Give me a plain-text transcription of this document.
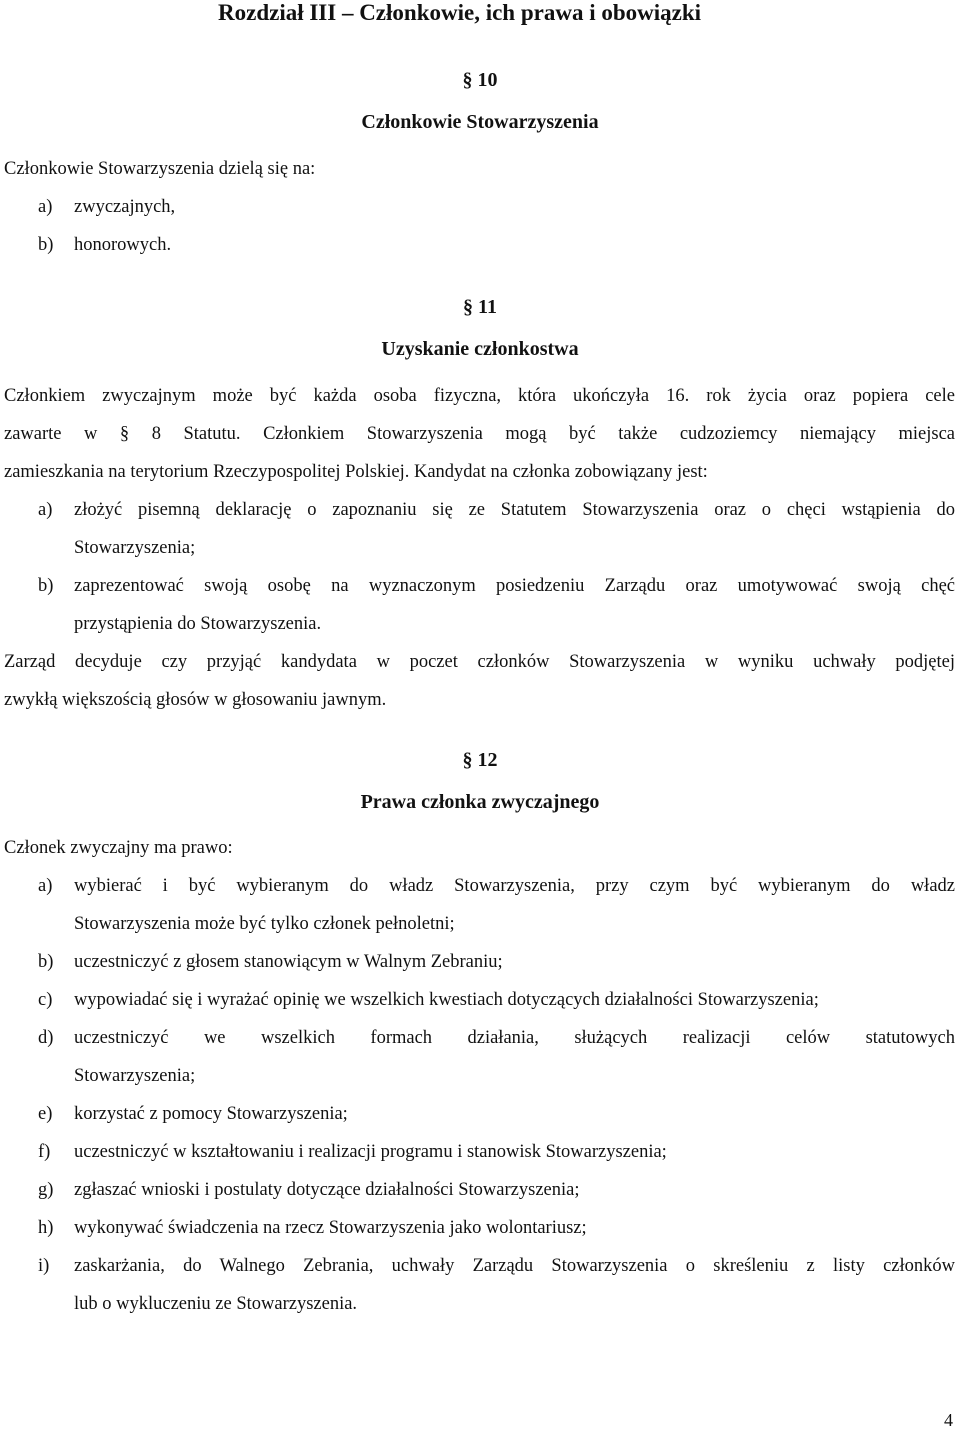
Rozdział III – Członkowie, ich prawa i obowiązki
§ 10
Członkowie Stowarzyszenia
Członkowie Stowarzyszenia dzielą się na:
a) zwyczajnych,
b) honorowych.
§ 11
Uzyskanie członkostwa
Członkiem zwyczajnym może być każda osoba fizyczna, która ukończyła 16. rok życia oraz popiera cele
zawarte w § 8 Statutu. Członkiem Stowarzyszenia mogą być także cudzoziemcy niemający miejsca
zamieszkania na terytorium Rzeczypospolitej Polskiej. Kandydat na członka zobowiązany jest:
a) złożyć pisemną deklarację o zapoznaniu się ze Statutem Stowarzyszenia oraz o chęci wstąpienia do
Stowarzyszenia;
b) zaprezentować swoją osobę na wyznaczonym posiedzeniu Zarządu oraz umotywować swoją chęć
przystąpienia do Stowarzyszenia.
Zarząd decyduje czy przyjąć kandydata w poczet członków Stowarzyszenia w wyniku uchwały podjętej
zwykłą większością głosów w głosowaniu jawnym.
§ 12
Prawa członka zwyczajnego
Członek zwyczajny ma prawo:
a) wybierać i być wybieranym do władz Stowarzyszenia, przy czym być wybieranym do władz
Stowarzyszenia może być tylko członek pełnoletni;
b) uczestniczyć z głosem stanowiącym w Walnym Zebraniu;
c) wypowiadać się i wyrażać opinię we wszelkich kwestiach dotyczących działalności Stowarzyszenia;
d) uczestniczyć we wszelkich formach działania, służących realizacji celów statutowych
Stowarzyszenia;
e) korzystać z pomocy Stowarzyszenia;
f) uczestniczyć w kształtowaniu i realizacji programu i stanowisk Stowarzyszenia;
g) zgłaszać wnioski i postulaty dotyczące działalności Stowarzyszenia;
h) wykonywać świadczenia na rzecz Stowarzyszenia jako wolontariusz;
i) zaskarżania, do Walnego Zebrania, uchwały Zarządu Stowarzyszenia o skreśleniu z listy członków
lub o wykluczeniu ze Stowarzyszenia.
4
